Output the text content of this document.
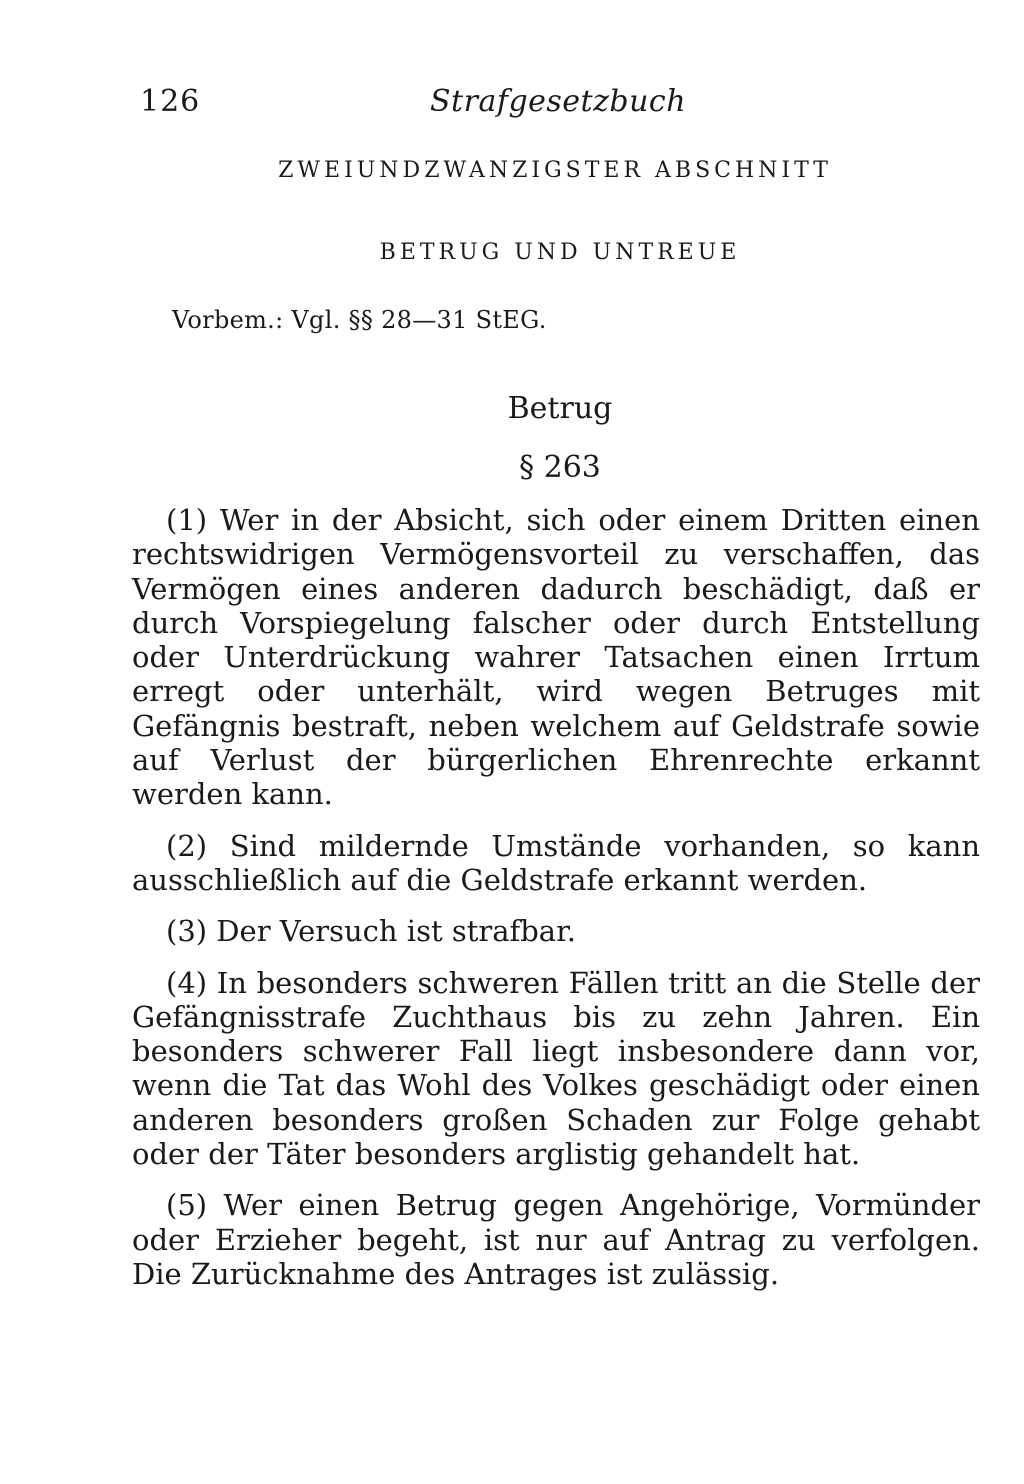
126	Strafgesetzbuch
ZWEIUNDZWANZIGSTER ABSCHNITT
BETRUG UND UNTREUE
Vorbem.: Vgl. §§ 28—31 StEG.
Betrug
§ 263

(1) Wer in der Absicht, sich oder einem Dritten einen rechtswidrigen Vermögensvorteil zu verschaffen, das Vermögen eines anderen dadurch beschädigt, daß er durch Vorspiegelung falscher oder durch Entstellung oder Unterdrückung wahrer Tatsachen einen Irrtum erregt oder unterhält, wird wegen Betruges mit Gefängnis bestraft, neben welchem auf Geldstrafe sowie auf Verlust der bürgerlichen Ehrenrechte erkannt werden kann.

(2) Sind mildernde Umstände vorhanden, so kann ausschließlich auf die Geldstrafe erkannt werden.

(3) Der Versuch ist strafbar.

(4) In besonders schweren Fällen tritt an die Stelle der Gefängnisstrafe Zuchthaus bis zu zehn Jahren. Ein besonders schwerer Fall liegt insbesondere dann vor, wenn die Tat das Wohl des Volkes geschädigt oder einen anderen besonders großen Schaden zur Folge gehabt oder der Täter besonders arglistig gehandelt hat.

(5) Wer einen Betrug gegen Angehörige, Vormünder oder Erzieher begeht, ist nur auf Antrag zu verfolgen. Die Zurücknahme des Antrages ist zulässig.
